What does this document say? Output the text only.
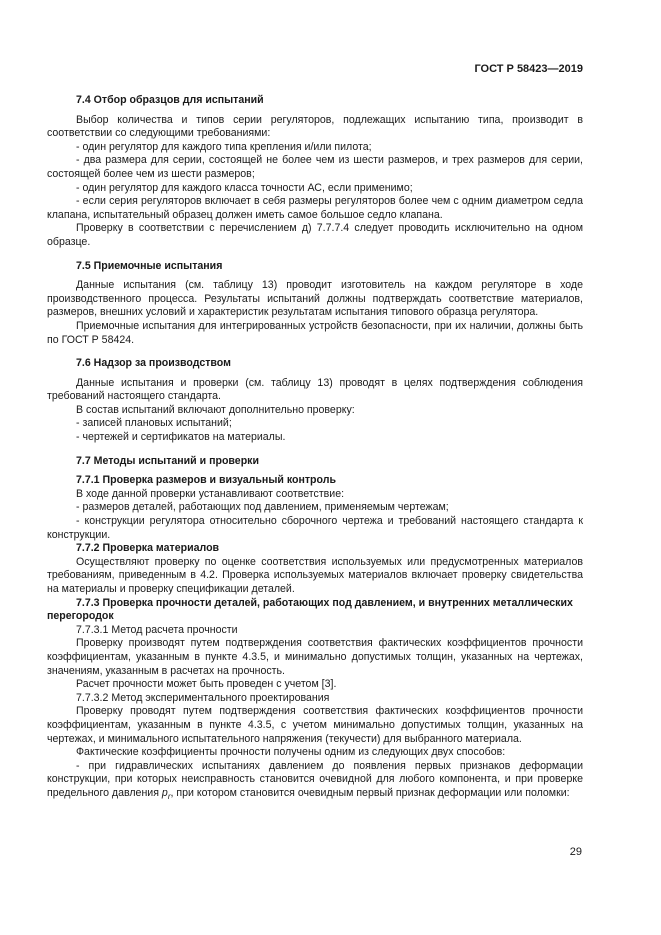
ГОСТ Р 58423—2019
7.4 Отбор образцов для испытаний

Выбор количества и типов серии регуляторов, подлежащих испытанию типа, производит в соответствии со следующими требованиями:

- один регулятор для каждого типа крепления и/или пилота;

- два размера для серии, состоящей не более чем из шести размеров, и трех размеров для серии, состоящей более чем из шести размеров;

- один регулятор для каждого класса точности АС, если применимо;

- если серия регуляторов включает в себя размеры регуляторов более чем с одним диаметром седла клапана, испытательный образец должен иметь самое большое седло клапана.

Проверку в соответствии с перечислением д) 7.7.7.4 следует проводить исключительно на одном образце.

7.5 Приемочные испытания

Данные испытания (см. таблицу 13) проводит изготовитель на каждом регуляторе в ходе производственного процесса. Результаты испытаний должны подтверждать соответствие материалов, размеров, внешних условий и характеристик результатам испытания типового образца регулятора.

Приемочные испытания для интегрированных устройств безопасности, при их наличии, должны быть по ГОСТ Р 58424.

7.6 Надзор за производством

Данные испытания и проверки (см. таблицу 13) проводят в целях подтверждения соблюдения требований настоящего стандарта.

В состав испытаний включают дополнительно проверку:

- записей плановых испытаний;

- чертежей и сертификатов на материалы.

7.7 Методы испытаний и проверки

7.7.1 Проверка размеров и визуальный контроль

В ходе данной проверки устанавливают соответствие:

- размеров деталей, работающих под давлением, применяемым чертежам;

- конструкции регулятора относительно сборочного чертежа и требований настоящего стандарта к конструкции.

7.7.2 Проверка материалов

Осуществляют проверку по оценке соответствия используемых или предусмотренных материалов требованиям, приведенным в 4.2. Проверка используемых материалов включает проверку свидетельства на материалы и проверку спецификации деталей.

7.7.3 Проверка прочности деталей, работающих под давлением, и внутренних металлических перегородок

7.7.3.1 Метод расчета прочности

Проверку производят путем подтверждения соответствия фактических коэффициентов прочности коэффициентам, указанным в пункте 4.3.5, и минимально допустимых толщин, указанных на чертежах, значениям, указанным в расчетах на прочность.

Расчет прочности может быть проведен с учетом [3].

7.7.3.2 Метод экспериментального проектирования

Проверку проводят путем подтверждения соответствия фактических коэффициентов прочности коэффициентам, указанным в пункте 4.3.5, с учетом минимально допустимых толщин, указанных на чертежах, и минимального испытательного напряжения (текучести) для выбранного материала.

Фактические коэффициенты прочности получены одним из следующих двух способов:

- при гидравлических испытаниях давлением до появления первых признаков деформации конструкции, при которых неисправность становится очевидной для любого компонента, и при проверке предельного давления $p_r$, при котором становится очевидным первый признак деформации или поломки:

29
